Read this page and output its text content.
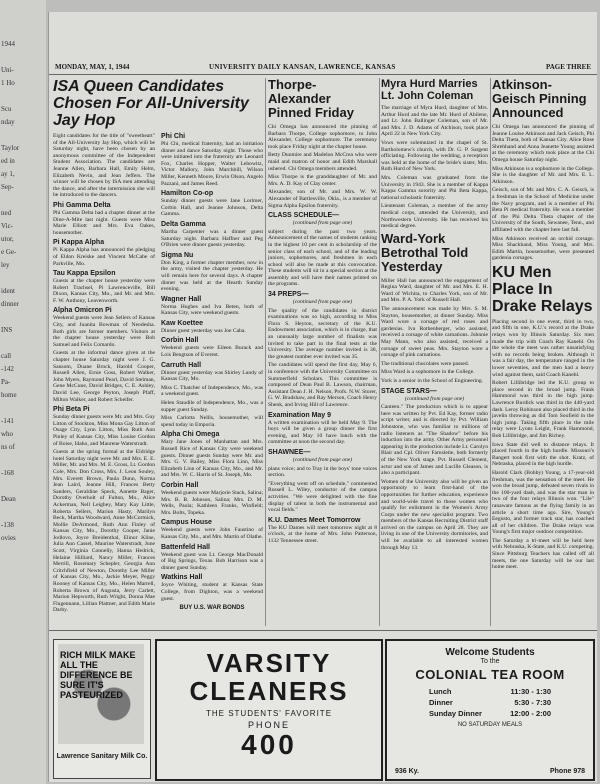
1944
Uni-
1 Ho
Scu
nday
Taylor
ed in
ay 1,
Sep-
ned
Vic-
utor,
e Ge-
ley
ident
dinner
INS
call
-142
Pa-
home
-141
who
ns of
-168
Dean
-138
ovies
MONDAY, MAY, 1, 1944	UNIVERSITY DAILY KANSAN, LAWRENCE, KANSAS	PAGE THREE
ISA Queen Candidates Chosen For All-University Jay Hop

Eight candidates for the title of "sweetheart" of the All-University Jay Hop, which will be Saturday night, have been chosen by an anonymous committee of the Independent Student Association. The candidates are Jeanne Allen, Barbara Hall, Emily Helm, Elizabeth Nevin, and Jean Jeffers. The winner will be chosen by ISA men attending the dance, and after the intermission she will be introduced to the dancers.

Phi Gamma Delta

Phi Gamma Delta had a chapter dinner at the Dine-A-Mite last night. Guests were Miss Marie Elliott and Mrs. Eva Oakes, housemother.

Pi Kappa Alpha

Pi Kappa Alpha has announced the pledging of Eldon Kreiske and Vincent McCabe of Parkville, Mo.

Tau Kappa Epsilon

Guests at the chapter house yesterday were Robert Trachsel, Pi Lawrenceville, Bill Dixon, Kansas City, Mo., and Mr. and Mrs. F. W. Anthony, Leavenworth.

Alpha Omicron Pi

Weekend guests were Jean Sellers of Kansas City, and Juanita Bowman of Neodesha. Both girls are former members. Visitors at the chapter house yesterday were Bob Samuel and Felix Comardo.

Guests at the informal dance given at the chapter house Saturday night were J. G. Sansom, Duane Brock, Harold Cooper, Russell Allen, Ernie Goss, Robert Walker, John Myers, Raymond Pearl, David Stelman, Gene McCune, David Bridges, C. E. Ashley, David Lee, George Peyton, Joseph Pfaff, Milton Walker, and Robert Scheifer.

Phi Beta Pi

Sunday dinner guests were Mr. and Mrs. Guy Litton of Stockton, Miss Mona Gay Litton of Osage City, Lynn Litton, Miss Ruth Ann Pinley of Kansas City, Miss Louise Gordon of Boise, Idaho, and Maurene Waterstradt.

Guests at the spring formal at the Eldridge hotel Saturday night were Mr. and Mrs. E. E. Miller, Mr. and Mrs. M. E. Gross, Lt. Gordon Cole, Mrs. Don Cross, Mrs. J. Leon Souley, Mrs. Everett Brown, Paula Dunn, Norma Jean Laird, Jeanne Hill, Frances Betty Sanders, Geraldine Speck, Annette Bager, Dorothy Overholt of Fulton, Mo., Alice Ackerman, Nell Leighey, Mary Kay Little, Roberta Sellers, Marion Hasty, Marilyn Beck, Martha Woodward, Anne McCormick, Mollie DeArmond, Ruth Ann Finley of Kansas City, Mo., Dorothy Cooper, Janie Jodlovo, Joyce Breidenthal, Elinor Kline, Julia Ann Cassel, Maurine Waterstradt, June Scott, Virginia Connelly, Hanna Hedrick, Helaine Hilliard, Nancy Miller, Frances Merrill, Rosemary Schepler, Georgia Ann Critchfield of Newton, Dorothy Lee Miller of Kansas City, Mo., Jackie Meyer, Peggy Rooney of Kansas City, Mo., Helen Marrell, Roberta Brown of Augusta, Jerry Carlett, Marion Hepworth, Ruth Wright, Donna Mae Flugennann, Lillian Plattner, and Edith Marie Darby.

Phi Chi

Phi Chi, medical fraternity, had an initiation dinner and dance Saturday night. Those who were initiated into the fraternity are Leonard Fox, Charles Hopper, Walter Lebowitz, Victor Mallory, John Marchbill, Wilson Miller, Kenneth Moore, Erwin Olson, Angelo Pazzani, and James Reed.

Hamilton Co-op

Sunday dinner guests were Jane Lorimer, Corbin Hall, and Jeanne Johnson, Delta Gamma.

Delta Gamma

Martha Carpenter was a dinner guest Saturday night. Barbara Haffner and Peg O'Brien were dinner guests yesterday.

Sigma Nu

Don King, a former chapter member, now in the army, visited the chapter yesterday. He will remain here for several days. A chapter dinner was held at the Hearth Sunday evening.

Wagner Hall

Norma Hughes and Iva Beten, both of Kansas City, were weekend guests.

Kaw Koettee

Dinner guest yesterday was Joe Caba.

Corbin Hall

Weekend guests were Eileen Burack and Lois Bengtson of Everest.

Carruth Hall

Dinner guest yesterday was Shirley Lundy of Kansas City, Mo.

Miss C. Thatcher of Independence, Mo., was a weekend guest.

Helen Staudile of Independence, Mo., was a supper guest Sunday.

Miss Carlotta Nellis, housemother, will spend today in Emporia.

Alpha Chi Omega

Mary Jane Jones of Manhattan and Mrs. Russell Rice of Kansas City were weekend guests. Dinner guests Sunday were Mr. and Mrs. G. V. Bailey, Miss Flora Linn, Miss Elizabeth Linn of Kansas City, Mo., and Mr. and Mrs. W. C. Harris of St. Joseph, Mo.

Corbin Hall

Weekend guests were Marjorie Stack, Salina; Mrs. B. B. Johnson, Salina; Mrs. D. M. Wells, Paola; Kathleen Franks, Winfield; Mrs. Bolts, Topeka.

Campus House

Weekend guests were John Faustino of Kansas City, Mo., and Mrs. Martin of Olathe.

Battenfeld Hall

Weekend guest was Lt. George MacDonald of Big Springs, Texas. Bob Harrison was a dinner guest Sunday.

Watkins Hall

Joyce Whiting, student at Kansas State College, from Dighton, was a weekend guest.

BUY U.S. WAR BONDS
Thorpe-Alexander Pinned Friday

Chi Omega has announced the pinning of Barbara Thorpe, College sophomore, to John Alexander, College sophomore. The ceremony took place Friday night at the chapter house.

Betty Dunmire and Madelon McCrea who were maid and matron of honor and Edith Marshall ushered. Chi Omega members attended.

Miss Thorpe is the granddaughter of Mr. and Mrs. A. D. Kay of Clay center.

Alexander, son of Mr. and Mrs. W. W. Alexander of Bartlesville, Okla., is a member of Sigma Alpha Epsilon fraternity.

CLASS SCHEDULE—

(continued from page one)

subject during the past two years. Announcement of the names of students ranking in the highest 10 per cent in scholarship of the senior class of each school, and of the leading juniors, sophomores, and freshmen in each school will also be made at this convocation. These students will sit in a special section at the assembly and will have their names printed on the programs.

34 PREPS—

(continued from page one)

The quality of the candidates in district examinations was so high, according to Miss Flora S. Heyton, secretary of the K.U. Endowment association, which is in charge, that an unusually large number of finalists was invited to take part in the final tests at the University. The average number invited is 30, the greatest number ever invited was 35.

The candidates will spend the first day, May 6, in conference with the University Committee on Summerfield Scholars. This committee is composed of Dean Paul B. Lawson, chairman, Assistant Dean J. H. Nelson, Profs. N.W. Storer, G. W. Bradshaw, and Ray Merson, Coach Henry Shenk, and Irving Hill of Lawrence.

Examination May 9

A written examination will be held May 9. The boys will be given a group dinner the first evening, and May 10 have lunch with the committee at noon the second day.

SHAWNEE—

(continued from page one)

plans voice; and to Tray in the boys' tone voices section.

"Everything went off on schedule," commented Russell L. Wiley, conductor of the campus activities. "We were delighted with the fine display of talent in both the instrumental and vocal fields."

K.U. Dames Meet Tomorrow

The KU Dames will meet tomorrow night at 8 o'clock, at the home of Mrs. John Patterson, 1132 Tennessee street.

Myra Hurd Marries Lt. John Coleman

The marriage of Myra Hurd, daughter of Mrs. Arthur Hurd and the late Mr. Hurd of Abilene, and Lt. John Ballinger Coleman, son of Mr. and Mrs. J. D. Adams of Atchison, took place April 22 in New York City.

Vows were solemnized in the chapel of St. Bartholomew's church, with Dr. G. P. Sargent officiating. Following the wedding, a reception was held at the home of the bride's sister, Mrs. Ruth Hurd of New York.

Mrs. Coleman was graduated from the University in 1943. She is a member of Kappa Kappa Gamma sorority and Phi Beta Kappa, national scholastic fraternity.

Lieutenant Coleman, a member of the army medical corps, attended the University, and Northwestern University. He has received his medical degree.

Ward-York Betrothal Told Yesterday

Miller Hall has announced the engagement of Regina Ward, daughter of Mr. and Mrs. E. H. Ward of Wichita, to Charles York, son of Mr. and Mrs. P. A. York of Russell Hall.

The announcement was made by Mrs. S. M. Stayton, housemother, at dinner Sunday. Miss Ward wore a corsage of red roses and gardenias. Iva Rothenberger, who assisted, received a corsage of white carnations. Johnnie May Mann, who also assisted, received a corsage of sweet peas. Mrs. Stayton wore a corsage of pink carnations.

The traditional chocolates were passed.

Miss Ward is a sophomore in the College.

York is a senior in the School of Engineering.

STAGE STARS—

(continued from page one)

Canteen." The production which is to appear here was written by Pvt. Ed Kay, former radio script writer, and is directed by Pvt. William Johnstone, who was familiar to millions of radio listeners as "The Shadow" before his induction into the army. Other Army personnel appearing in the production include Lt. Carolyn Blair and Cpl. Oliver Farnsleite, both formerly of the New York stage. Pvt. Russell Clement, actor and son of James and Lucille Gleason, is also a participant.

Women of the University also will be given an opportunity to learn first-hand of the opportunities for further education, experience and world-wide travel to those women who qualify for enlistment in the Women's Army Corps under the new specialist program. Two members of the Kansas Recruiting District staff arrived on the campus on April 28. They are living in one of the University dormitories, and will be available to all interested women through May 13.

Atkinson-Geisch Pinning Announced

Chi Omega has announced the pinning of Jeanne Louise Atkinson and Jack Geisch, Phi Delta Theta, both of Kansas City. Alice Rose Shrehhand and Anna Jeanette Young assisted at the ceremony which took place at the Chi Omega house Saturday night.

Miss Atkinson is a sophomore in the College. She is the daughter of Mr. and Mrs. E. L. Atkinson.

Geisch, son of Mr. and Mrs. C. A. Geisch, is a freshman in the School of Medicine under the Navy program, and is a member of Phi Beta Pi medical fraternity. He was a member of the Phi Delta Theta chapter of the University of the South, Sewanee, Tenn., and affiliated with the chapter here last fall.

Miss Atkinson received an orchid corsage. Miss Shackhand, Miss Young, and Mrs. Edith Martin, housemother, were presented gardenia corsages.

KU Men Place In Drake Relays

Placing second in one event, third in two, and fifth in one, K.U.'s record at the Drake relays won by Illinois Saturday. Six men made the trip with Coach Ray Kanehl. On the whole the meet was rather unsatisfying with no records being broken. Although it was a fair day, the temperature ranged in the lower seventies, and the men had a heavy wind against them, said Coach Kanehl.

Robert Lillibridge led the K.U. group to place second in the broad jump. Frank Hammond was third in the high jump. Lawrence Burdick was third in the 440-yard dash. Leroy Robinson also placed third in the javelin throwing as did Tom Soofield in the high jump. Taking fifth place in the mile relay were Lyons Leight, Frank Hammond, Bob Lillibridge, and Jim Richey.

Iowa State did well to distance relays. It placed fourth in the high hurdle. Missouri's Bangert took first with the shot. Kratz, of Nebraska, placed in the high hurdle.

Harold Clark (Bobby) Young, a 17-year-old freshman, was the sensation of the meet. He won the broad jump, defeated seven rivals in the 100-yard dash, and was the star man in two of the four relays Illinois won. "Lile" ranaware famous as the flying family in an article a short time ago. Sire, Young's Eegusto, and former track star, has coached all of her children. The Drake relays was Young's first major outdoor competition.

The Saturday a tri-meet will be held here with Nebraska, K-State, and K.U. competing. Since Pittsburg Teachers has called off all meets, the one Saturday will be our last home meet.

RICH MILK MAKE ALL THE DIFFERENCE BE SURE IT'S PASTEURIZED
Lawrence Sanitary Milk Co.
VARSITY
CLEANERS
THE STUDENTS' FAVORITE
PHONE
400
Welcome Students
To the
COLONIAL TEA ROOM
Lunch	11:30 - 1:30
Dinner	5:30 - 7:30
Sunday Dinner	12:00 - 2:00
NO SATURDAY MEALS
936 Ky.	Phone 978
